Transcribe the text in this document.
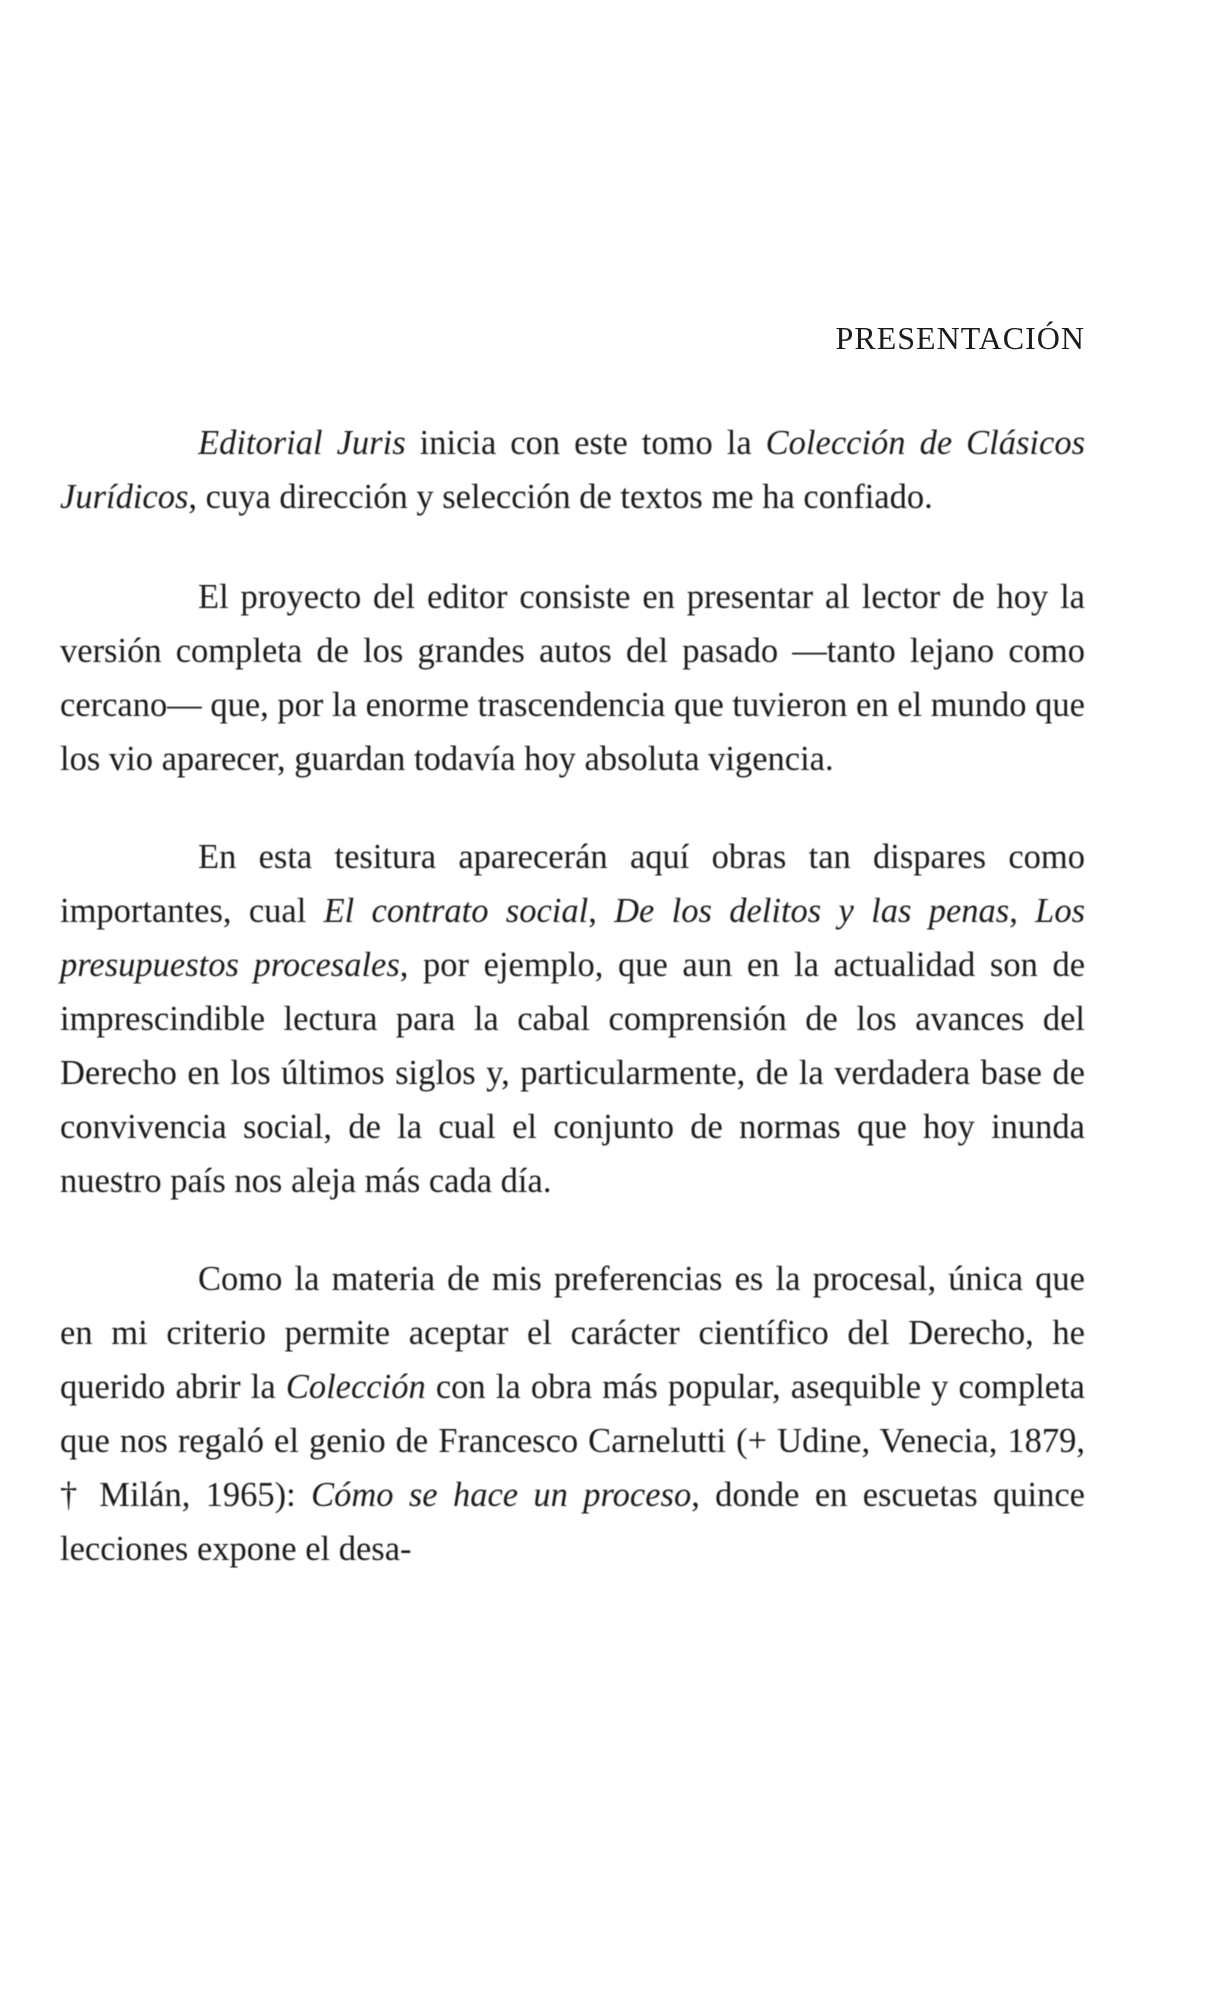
PRESENTACIÓN

Editorial Juris inicia con este tomo la Colección de Clásicos Jurídicos, cuya dirección y selección de textos me ha confiado.

El proyecto del editor consiste en presentar al lector de hoy la versión completa de los grandes autos del pasado —tanto lejano como cercano— que, por la enorme trascendencia que tuvieron en el mundo que los vio aparecer, guardan todavía hoy absoluta vigencia.

En esta tesitura aparecerán aquí obras tan dispares como importantes, cual El contrato social, De los delitos y las penas, Los presupuestos procesales, por ejemplo, que aun en la actualidad son de imprescindible lectura para la cabal comprensión de los avances del Derecho en los últimos siglos y, particularmente, de la verdadera base de convivencia social, de la cual el conjunto de normas que hoy inunda nuestro país nos aleja más cada día.

Como la materia de mis preferencias es la procesal, única que en mi criterio permite aceptar el carácter científico del Derecho, he querido abrir la Colección con la obra más popular, asequible y completa que nos regaló el genio de Francesco Carnelutti (+ Udine, Venecia, 1879, † Milán, 1965): Cómo se hace un proceso, donde en escuetas quince lecciones expone el desa-
